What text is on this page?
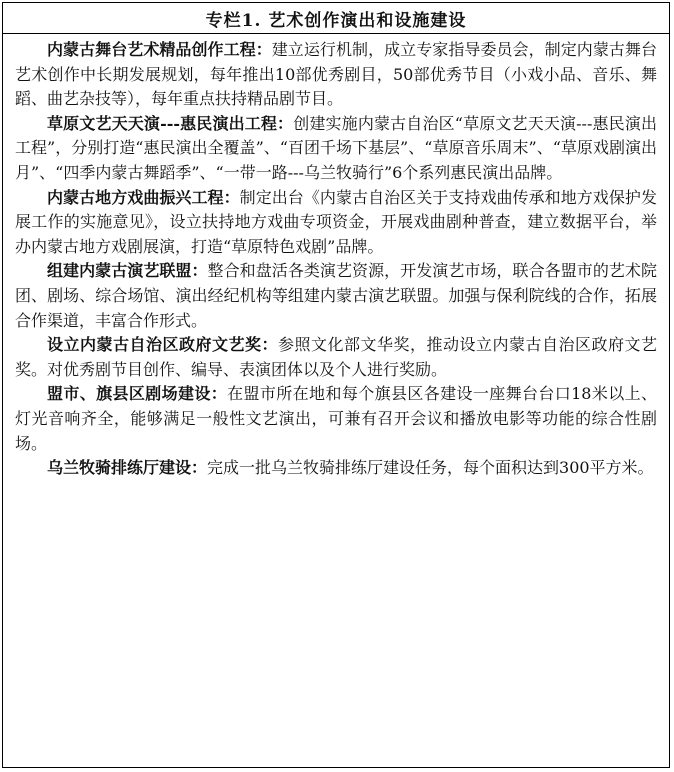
专栏1. 艺术创作演出和设施建设

内蒙古舞台艺术精品创作工程：建立运行机制，成立专家指导委员会，制定内蒙古舞台艺术创作中长期发展规划，每年推出10部优秀剧目，50部优秀节目（小戏小品、音乐、舞蹈、曲艺杂技等），每年重点扶持精品剧节目。

草原文艺天天演---惠民演出工程：创建实施内蒙古自治区“草原文艺天天演---惠民演出工程”，分别打造“惠民演出全覆盖”、“百团千场下基层”、“草原音乐周末”、“草原戏剧演出月”、“四季内蒙古舞蹈季”、“一带一路---乌兰牧骑行”6个系列惠民演出品牌。

内蒙古地方戏曲振兴工程：制定出台《内蒙古自治区关于支持戏曲传承和地方戏保护发展工作的实施意见》，设立扶持地方戏曲专项资金，开展戏曲剧种普查，建立数据平台，举办内蒙古地方戏剧展演，打造“草原特色戏剧”品牌。

组建内蒙古演艺联盟：整合和盘活各类演艺资源，开发演艺市场，联合各盟市的艺术院团、剧场、综合场馆、演出经纪机构等组建内蒙古演艺联盟。加强与保利院线的合作，拓展合作渠道，丰富合作形式。

设立内蒙古自治区政府文艺奖：参照文化部文华奖，推动设立内蒙古自治区政府文艺奖。对优秀剧节目创作、编导、表演团体以及个人进行奖励。

盟市、旗县区剧场建设：在盟市所在地和每个旗县区各建设一座舞台台口18米以上、灯光音响齐全，能够满足一般性文艺演出，可兼有召开会议和播放电影等功能的综合性剧场。

乌兰牧骑排练厅建设：完成一批乌兰牧骑排练厅建设任务，每个面积达到300平方米。
